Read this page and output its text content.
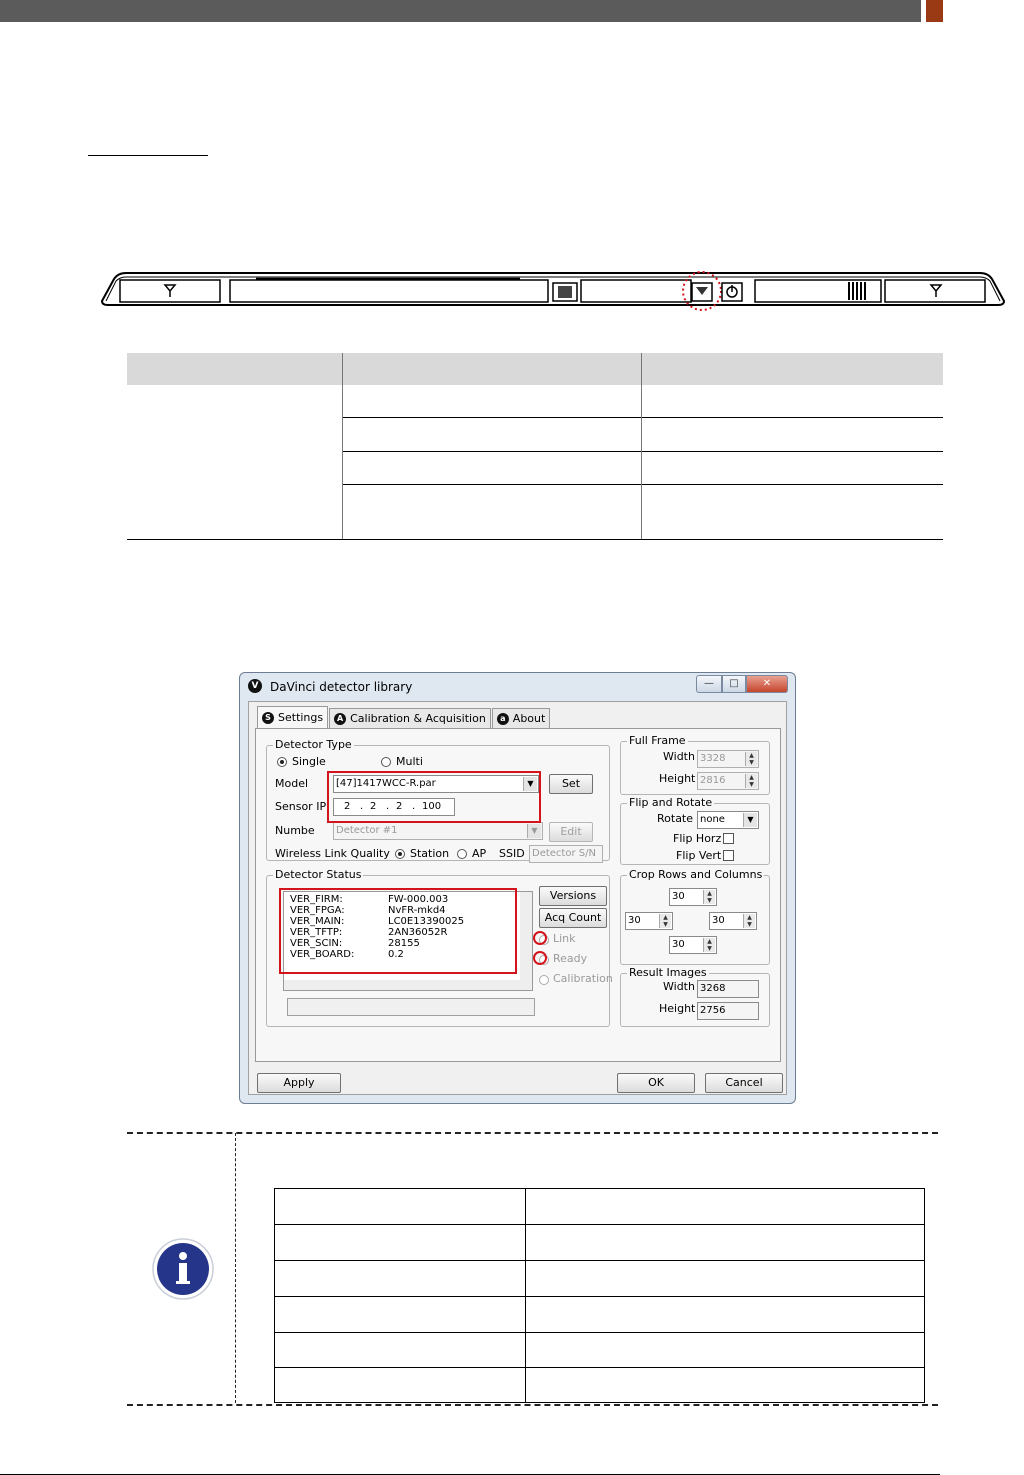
V DaVinci detector library	—	□	✕
S Settings	A Calibration & Acquisition	a About
Detector Type
Single	Multi
Model	[47]1417WCC-R.par	▼	Set
Sensor IP 2 . 2 . 2 . 100
Numbe	Detector #1	▼	Edit
Wireless Link Quality Station AP SSID Detector S/N
Detector Status
VER_FIRM:	FW-000.003
VER_FPGA:	NvFR-mkd4
VER_MAIN:	LC0E13390025
VER_TFTP:	2AN36052R
VER_SCIN:	28155
VER_BOARD:	0.2
Versions
Acq Count
Link
Ready
Calibration
Full Frame
Width 3328	▲
▼
Height 2816	▲
▼
Flip and Rotate
Rotate none	▼
Flip Horz
Flip Vert
Crop Rows and Columns
30	▲
▼
30	▲
▼	30	▲
▼
30	▲
▼
Result Images
Width 3268
Height 2756
Apply	OK	Cancel
